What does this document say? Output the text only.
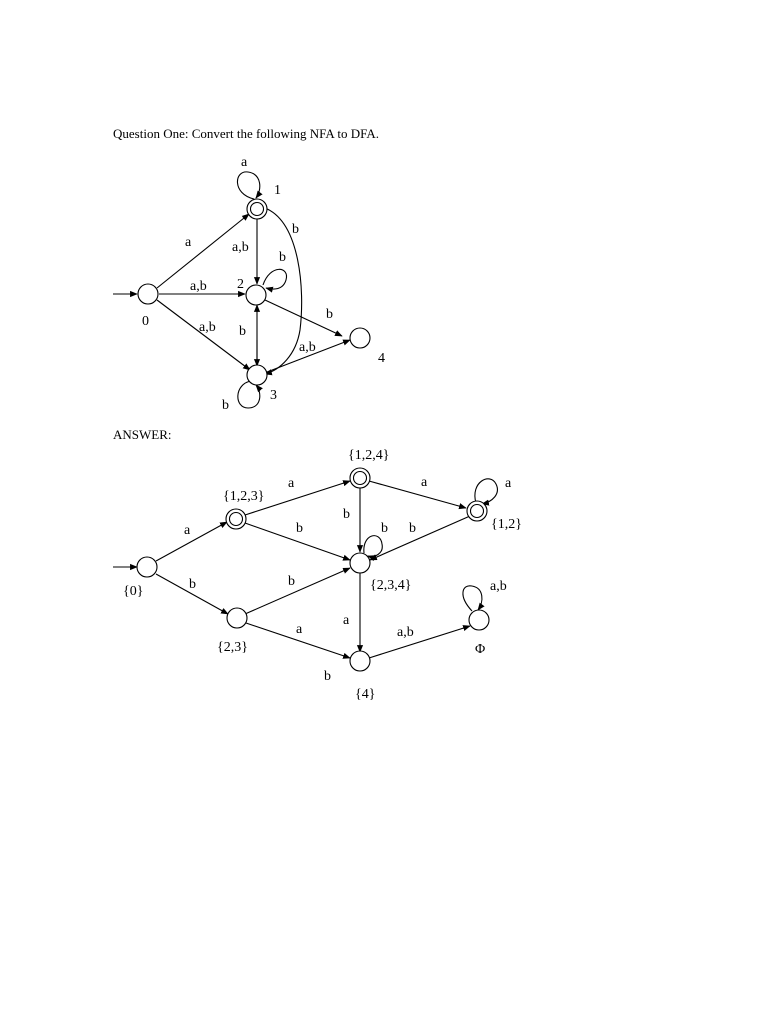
Question One: Convert the following NFA to DFA.
ANSWER:
0
1
2
3
4
a
a
a,b
a,b
a,b
b
b
b
b
a,b
b
{0}
{1,2,3}
{1,2,4}
{1,2}
{2,3,4}
{2,3}
{4}
Φ
a
b
a
b
a
b
a
b
b
a
b
a	a,b
a,b
b
